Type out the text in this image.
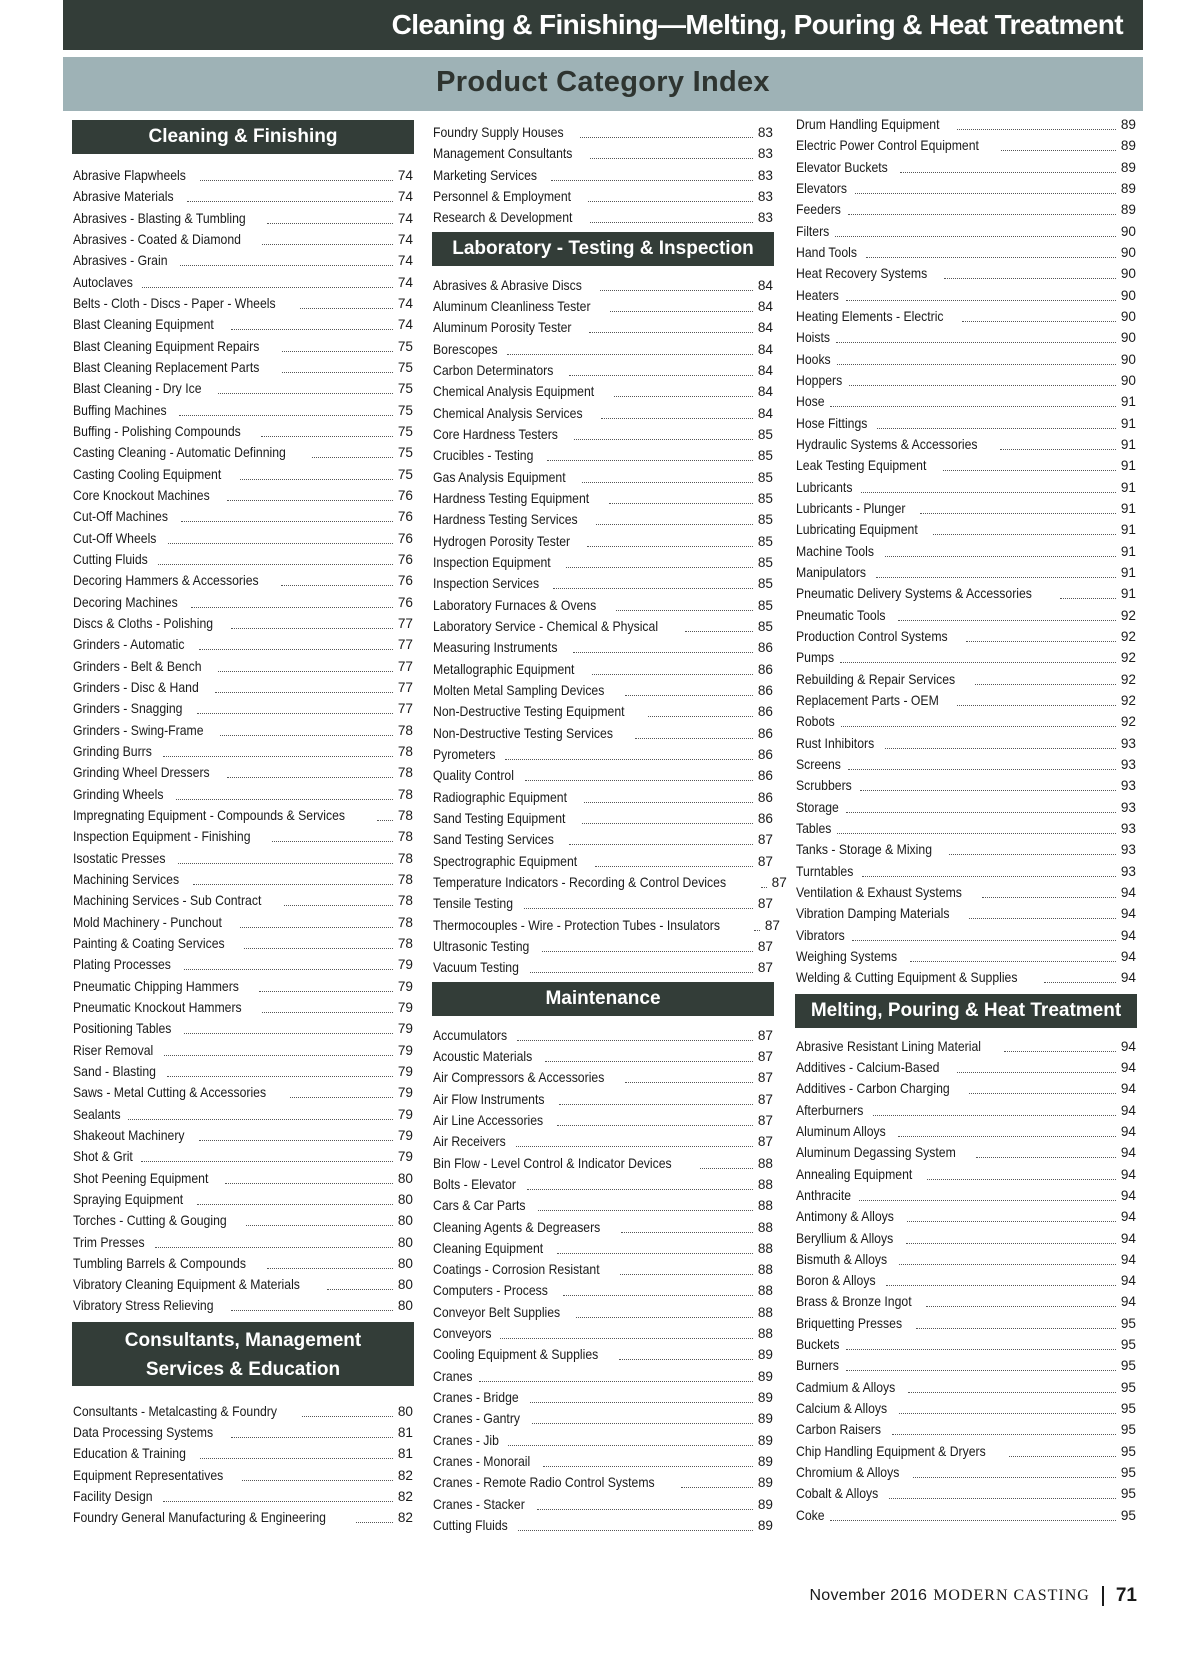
Cleaning & Finishing—Melting, Pouring & Heat Treatment
Product Category Index
Cleaning & Finishing
Abrasive Flapwheels	74
Abrasive Materials	74
Abrasives - Blasting & Tumbling	74
Abrasives - Coated & Diamond	74
Abrasives - Grain	74
Autoclaves	74
Belts - Cloth - Discs - Paper - Wheels	74
Blast Cleaning Equipment	74
Blast Cleaning Equipment Repairs	75
Blast Cleaning Replacement Parts	75
Blast Cleaning - Dry Ice	75
Buffing Machines	75
Buffing - Polishing Compounds	75
Casting Cleaning - Automatic Definning	75
Casting Cooling Equipment	75
Core Knockout Machines	76
Cut-Off Machines	76
Cut-Off Wheels	76
Cutting Fluids	76
Decoring Hammers & Accessories	76
Decoring Machines	76
Discs & Cloths - Polishing	77
Grinders - Automatic	77
Grinders - Belt & Bench	77
Grinders - Disc & Hand	77
Grinders - Snagging	77
Grinders - Swing-Frame	78
Grinding Burrs	78
Grinding Wheel Dressers	78
Grinding Wheels	78
Impregnating Equipment - Compounds & Services	78
Inspection Equipment - Finishing	78
Isostatic Presses	78
Machining Services	78
Machining Services - Sub Contract	78
Mold Machinery - Punchout	78
Painting & Coating Services	78
Plating Processes	79
Pneumatic Chipping Hammers	79
Pneumatic Knockout Hammers	79
Positioning Tables	79
Riser Removal	79
Sand - Blasting	79
Saws - Metal Cutting & Accessories	79
Sealants	79
Shakeout Machinery	79
Shot & Grit	79
Shot Peening Equipment	80
Spraying Equipment	80
Torches - Cutting & Gouging	80
Trim Presses	80
Tumbling Barrels & Compounds	80
Vibratory Cleaning Equipment & Materials	80
Vibratory Stress Relieving	80
Consultants, Management
Services & Education
Consultants - Metalcasting & Foundry	80
Data Processing Systems	81
Education & Training	81
Equipment Representatives	82
Facility Design	82
Foundry General Manufacturing & Engineering	82
Foundry Supply Houses	83
Management Consultants	83
Marketing Services	83
Personnel & Employment	83
Research & Development	83
Laboratory - Testing & Inspection
Abrasives & Abrasive Discs	84
Aluminum Cleanliness Tester	84
Aluminum Porosity Tester	84
Borescopes	84
Carbon Determinators	84
Chemical Analysis Equipment	84
Chemical Analysis Services	84
Core Hardness Testers	85
Crucibles - Testing	85
Gas Analysis Equipment	85
Hardness Testing Equipment	85
Hardness Testing Services	85
Hydrogen Porosity Tester	85
Inspection Equipment	85
Inspection Services	85
Laboratory Furnaces & Ovens	85
Laboratory Service - Chemical & Physical	85
Measuring Instruments	86
Metallographic Equipment	86
Molten Metal Sampling Devices	86
Non-Destructive Testing Equipment	86
Non-Destructive Testing Services	86
Pyrometers	86
Quality Control	86
Radiographic Equipment	86
Sand Testing Equipment	86
Sand Testing Services	87
Spectrographic Equipment	87
Temperature Indicators - Recording & Control Devices	87
Tensile Testing	87
Thermocouples - Wire - Protection Tubes - Insulators	87
Ultrasonic Testing	87
Vacuum Testing	87
Maintenance
Accumulators	87
Acoustic Materials	87
Air Compressors & Accessories	87
Air Flow Instruments	87
Air Line Accessories	87
Air Receivers	87
Bin Flow - Level Control & Indicator Devices	88
Bolts - Elevator	88
Cars & Car Parts	88
Cleaning Agents & Degreasers	88
Cleaning Equipment	88
Coatings - Corrosion Resistant	88
Computers - Process	88
Conveyor Belt Supplies	88
Conveyors	88
Cooling Equipment & Supplies	89
Cranes	89
Cranes - Bridge	89
Cranes - Gantry	89
Cranes - Jib	89
Cranes - Monorail	89
Cranes - Remote Radio Control Systems	89
Cranes - Stacker	89
Cutting Fluids	89
Drum Handling Equipment	89
Electric Power Control Equipment	89
Elevator Buckets	89
Elevators	89
Feeders	89
Filters	90
Hand Tools	90
Heat Recovery Systems	90
Heaters	90
Heating Elements - Electric	90
Hoists	90
Hooks	90
Hoppers	90
Hose	91
Hose Fittings	91
Hydraulic Systems & Accessories	91
Leak Testing Equipment	91
Lubricants	91
Lubricants - Plunger	91
Lubricating Equipment	91
Machine Tools	91
Manipulators	91
Pneumatic Delivery Systems & Accessories	91
Pneumatic Tools	92
Production Control Systems	92
Pumps	92
Rebuilding & Repair Services	92
Replacement Parts - OEM	92
Robots	92
Rust Inhibitors	93
Screens	93
Scrubbers	93
Storage	93
Tables	93
Tanks - Storage & Mixing	93
Turntables	93
Ventilation & Exhaust Systems	94
Vibration Damping Materials	94
Vibrators	94
Weighing Systems	94
Welding & Cutting Equipment & Supplies	94
Melting, Pouring & Heat Treatment
Abrasive Resistant Lining Material	94
Additives - Calcium-Based	94
Additives - Carbon Charging	94
Afterburners	94
Aluminum Alloys	94
Aluminum Degassing System	94
Annealing Equipment	94
Anthracite	94
Antimony & Alloys	94
Beryllium & Alloys	94
Bismuth & Alloys	94
Boron & Alloys	94
Brass & Bronze Ingot	94
Briquetting Presses	95
Buckets	95
Burners	95
Cadmium & Alloys	95
Calcium & Alloys	95
Carbon Raisers	95
Chip Handling Equipment & Dryers	95
Chromium & Alloys	95
Cobalt & Alloys	95
Coke	95
November 2016 MODERN CASTING 71
